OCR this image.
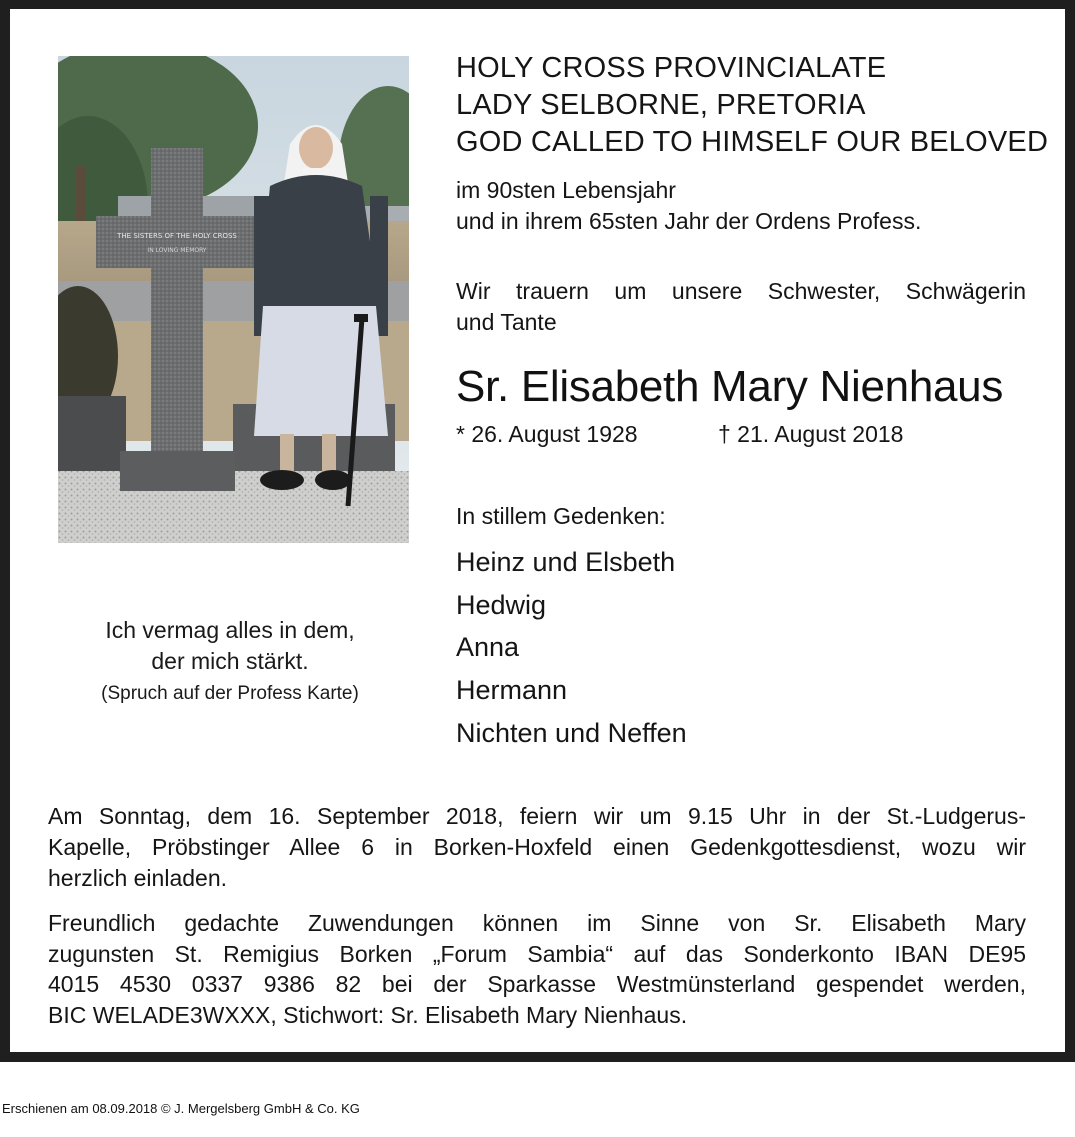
THE SISTERS OF THE HOLY CROSS
IN LOVING MEMORY
Ich vermag alles in dem,
der mich stärkt.
(Spruch auf der Profess Karte)
HOLY CROSS PROVINCIALATE
LADY SELBORNE, PRETORIA
GOD CALLED TO HIMSELF OUR BELOVED
im 90sten Lebensjahr
und in ihrem 65sten Jahr der Ordens Profess.
Wir trauern um unsere Schwester, Schwägerin
und Tante
Sr. Elisabeth Mary Nienhaus
* 26. August 1928	† 21. August 2018
In stillem Gedenken:
Heinz und Elsbeth
Hedwig
Anna
Hermann
Nichten und Neffen
Am Sonntag, dem 16. September 2018, feiern wir um 9.15 Uhr in der St.-Ludgerus-
Kapelle, Pröbstinger Allee 6 in Borken-Hoxfeld einen Gedenkgottesdienst, wozu wir
herzlich einladen.
Freundlich gedachte Zuwendungen können im Sinne von Sr. Elisabeth Mary
zugunsten St. Remigius Borken „Forum Sambia“ auf das Sonderkonto IBAN DE95
4015 4530 0337 9386 82 bei der Sparkasse Westmünsterland gespendet werden,
BIC WELADE3WXXX, Stichwort: Sr. Elisabeth Mary Nienhaus.
Erschienen am 08.09.2018 © J. Mergelsberg GmbH & Co. KG
